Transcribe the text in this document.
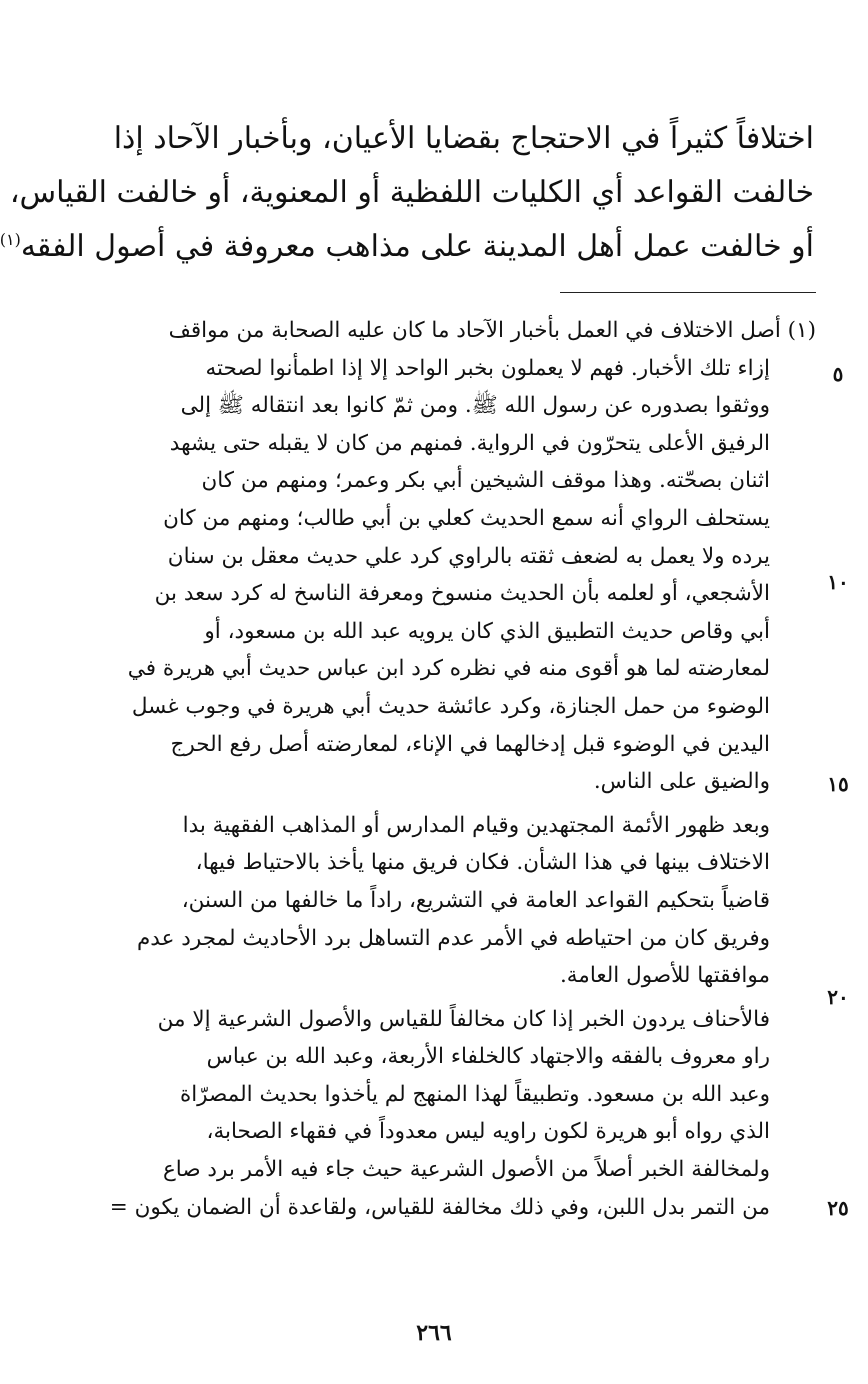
اختلافاً كثيراً في الاحتجاج بقضايا الأعيان، وبأخبار الآحاد إذا
خالفت القواعد أي الكليات اللفظية أو المعنوية، أو خالفت القياس،
أو خالفت عمل أهل المدينة على مذاهب معروفة في أصول الفقه$^{(١)}$
(١) أصل الاختلاف في العمل بأخبار الآحاد ما كان عليه الصحابة من مواقف
إزاء تلك الأخبار. فهم لا يعملون بخبر الواحد إلا إذا اطمأنوا لصحته
ووثقوا بصدوره عن رسول الله ﷺ. ومن ثمّ كانوا بعد انتقاله ﷺ إلى
الرفيق الأعلى يتحرّون في الرواية. فمنهم من كان لا يقبله حتى يشهد
اثنان بصحّته. وهذا موقف الشيخين أبي بكر وعمر؛ ومنهم من كان
يستحلف الرواي أنه سمع الحديث كعلي بن أبي طالب؛ ومنهم من كان
يرده ولا يعمل به لضعف ثقته بالراوي كرد علي حديث معقل بن سنان
الأشجعي، أو لعلمه بأن الحديث منسوخ ومعرفة الناسخ له كرد سعد بن
أبي وقاص حديث التطبيق الذي كان يرويه عبد الله بن مسعود، أو
لمعارضته لما هو أقوى منه في نظره كرد ابن عباس حديث أبي هريرة في
الوضوء من حمل الجنازة، وكرد عائشة حديث أبي هريرة في وجوب غسل
اليدين في الوضوء قبل إدخالهما في الإناء، لمعارضته أصل رفع الحرج
والضيق على الناس.
وبعد ظهور الأئمة المجتهدين وقيام المدارس أو المذاهب الفقهية بدا
الاختلاف بينها في هذا الشأن. فكان فريق منها يأخذ بالاحتياط فيها،
قاضياً بتحكيم القواعد العامة في التشريع، راداً ما خالفها من السنن،
وفريق كان من احتياطه في الأمر عدم التساهل برد الأحاديث لمجرد عدم
موافقتها للأصول العامة.
فالأحناف يردون الخبر إذا كان مخالفاً للقياس والأصول الشرعية إلا من
راو معروف بالفقه والاجتهاد كالخلفاء الأربعة، وعبد الله بن عباس
وعبد الله بن مسعود. وتطبيقاً لهذا المنهج لم يأخذوا بحديث المصرّاة
الذي رواه أبو هريرة لكون راويه ليس معدوداً في فقهاء الصحابة،
ولمخالفة الخبر أصلاً من الأصول الشرعية حيث جاء فيه الأمر برد صاع
من التمر بدل اللبن، وفي ذلك مخالفة للقياس، ولقاعدة أن الضمان يكون =
٥
١٠
١٥
٢٠
٢٥
٢٦٦
